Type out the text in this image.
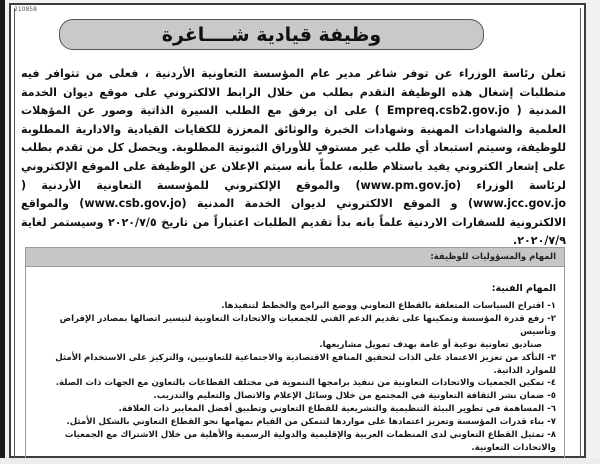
210858
وظيفة قيادية شــــاغرة
تعلن رئاسة الوزراء عن توفر شاغر مدير عام المؤسسة التعاونية الأردنية ، فعلى من تتوافر فيه متطلبات إشغال هذه الوظيفة التقدم بطلب من خلال الرابط الالكتروني على موقع ديوان الخدمة المدنية ( Empreq.csb2.gov.jo ) على ان يرفق مع الطلب السيرة الذاتية وصور عن المؤهلات العلمية والشهادات المهنية وشهادات الخبرة والوثائق المعززة للكفايات القيادية والادارية المطلوبة للوظيفة، وسيتم استبعاد أي طلب غير مستوفٍ للأوراق الثبوتية المطلوبة. ويحصل كل من تقدم بطلب على إشعار الكتروني يفيد باستلام طلبه، علماً بأنه سيتم الإعلان عن الوظيفة على الموقع الإلكتروني لرئاسة الوزراء (www.pm.gov.jo) والموقع الإلكتروني للمؤسسة التعاونية الأردنية ( www.jcc.gov.jo) و الموقع الالكتروني لديوان الخدمة المدنية (www.csb.gov.jo) والمواقع الالكترونية للسفارات الاردنية علماً بانه بدأ تقديم الطلبات اعتباراً من تاريخ ٢٠٢٠/٧/٥ وسيستمر لغاية ٢٠٢٠/٧/٩.
المهام والمسؤوليات للوظيفة:
المهام الفنية:
١- اقتراح السياسات المتعلقة بالقطاع التعاوني ووضع البرامج والخطط لتنفيذها.
٢- رفع قدرة المؤسسة وتمكينها على تقديم الدعم الفني للجمعيات والاتحادات التعاونية لتيسير اتصالها بمصادر الإقراض وتأسيس
صناديق تعاونية نوعية أو عامة بهدف تمويل مشاريعها.
٣- التأكد من تعزيز الاعتماد على الذات لتحقيق المنافع الاقتصادية والاجتماعية للتعاونيين، والتركيز على الاستخدام الأمثل للموارد الذاتية.
٤- تمكين الجمعيات والاتحادات التعاونية من تنفيذ برامجها التنموية في مختلف القطاعات بالتعاون مع الجهات ذات الصلة.
٥- ضمان نشر الثقافة التعاونية في المجتمع من خلال وسائل الإعلام والاتصال والتعليم والتدريب.
٦- المساهمة في تطوير البيئة التنظيمية والتشريعية للقطاع التعاوني وتطبيق أفضل المعايير ذات العلاقة.
٧- بناء قدرات المؤسسة وتعزيز اعتمادها على مواردها لتتمكن من القيام بمهامها نحو القطاع التعاوني بالشكل الأمثل.
٨- تمثيل القطاع التعاوني لدى المنظمات العربية والإقليمية والدولية الرسمية والأهلية من خلال الاشتراك مع الجمعيات والاتحادات التعاونية.
